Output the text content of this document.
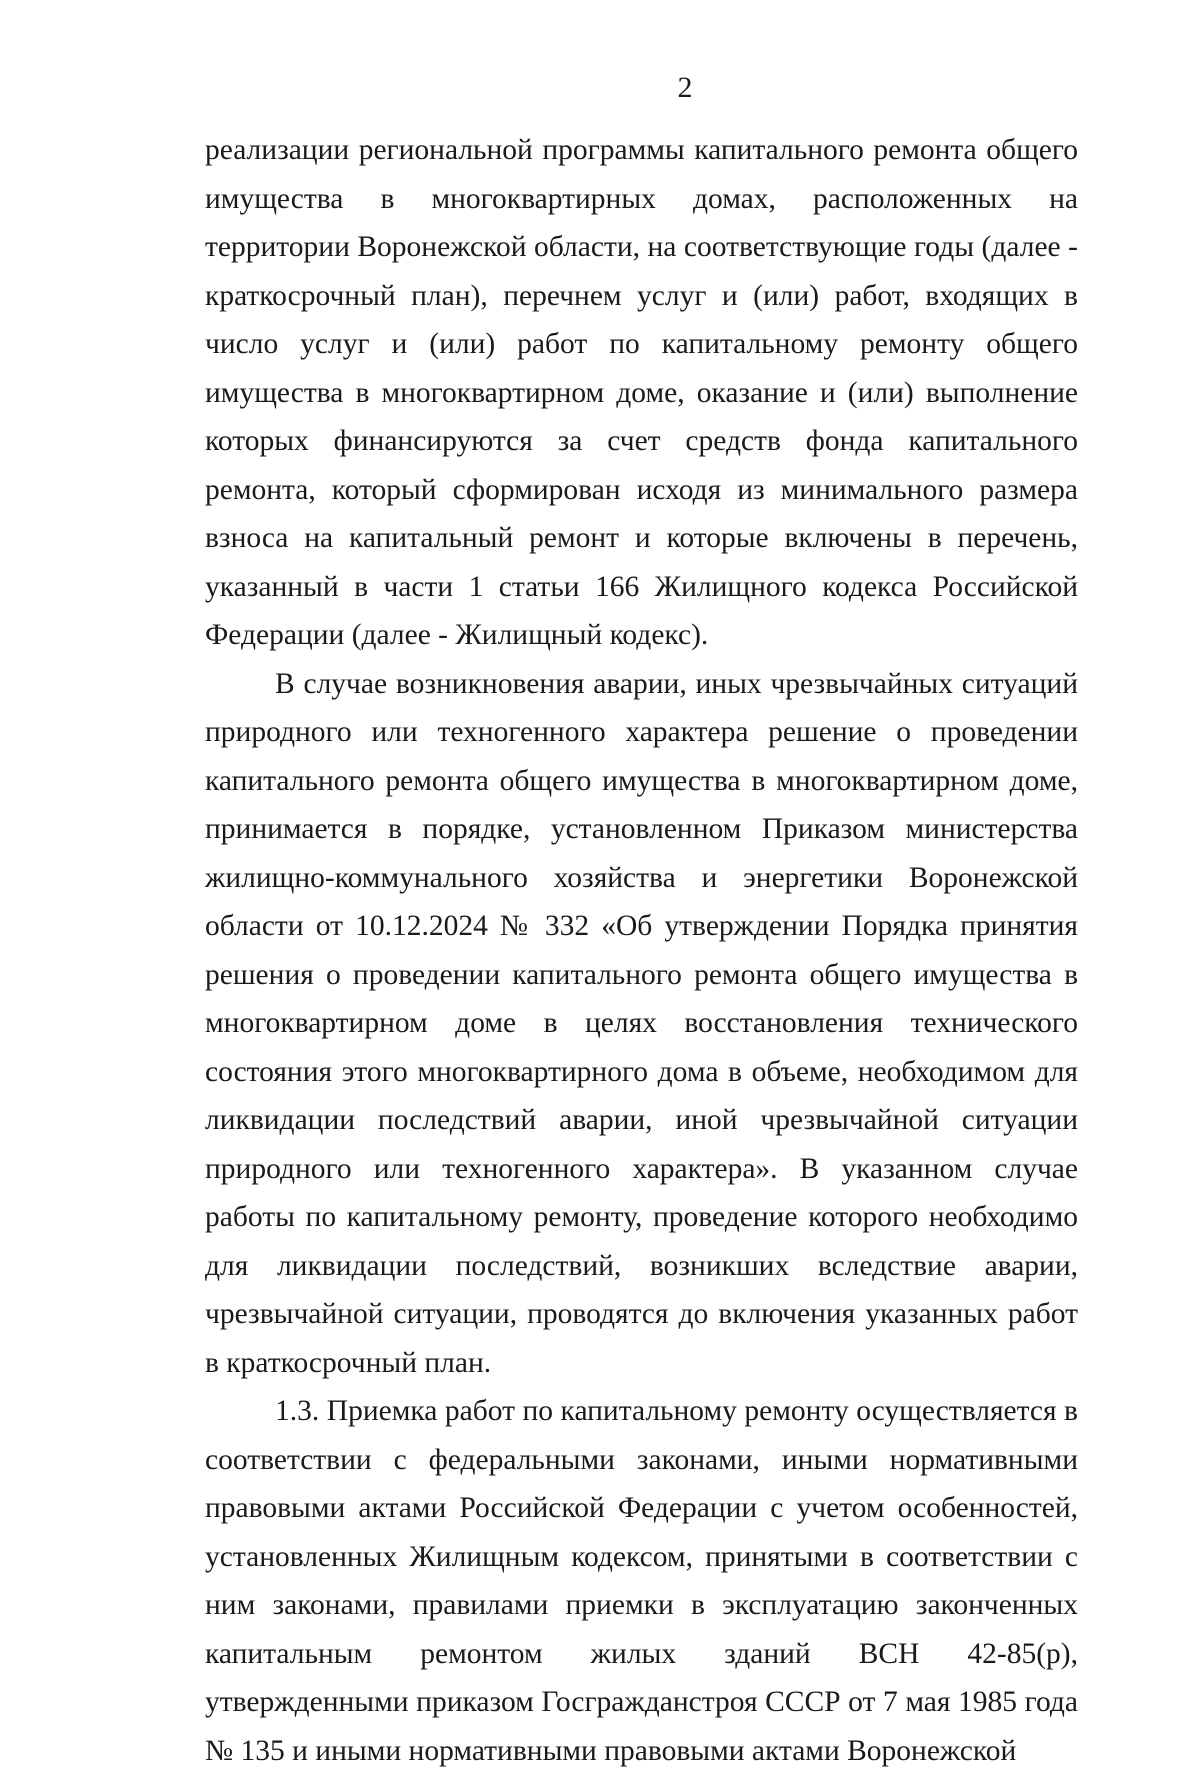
2

реализации региональной программы капитального ремонта общего имущества в многоквартирных домах, расположенных на территории Воронежской области, на соответствующие годы (далее - краткосрочный план), перечнем услуг и (или) работ, входящих в число услуг и (или) работ по капитальному ремонту общего имущества в многоквартирном доме, оказание и (или) выполнение которых финансируются за счет средств фонда капитального ремонта, который сформирован исходя из минимального размера взноса на капитальный ремонт и которые включены в перечень, указанный в части 1 статьи 166 Жилищного кодекса Российской Федерации (далее - Жилищный кодекс).

В случае возникновения аварии, иных чрезвычайных ситуаций природного или техногенного характера решение о проведении капитального ремонта общего имущества в многоквартирном доме, принимается в порядке, установленном Приказом министерства жилищно-коммунального хозяйства и энергетики Воронежской области от 10.12.2024 № 332 «Об утверждении Порядка принятия решения о проведении капитального ремонта общего имущества в многоквартирном доме в целях восстановления технического состояния этого многоквартирного дома в объеме, необходимом для ликвидации последствий аварии, иной чрезвычайной ситуации природного или техногенного характера». В указанном случае работы по капитальному ремонту, проведение которого необходимо для ликвидации последствий, возникших вследствие аварии, чрезвычайной ситуации, проводятся до включения указанных работ в краткосрочный план.

1.3. Приемка работ по капитальному ремонту осуществляется в соответствии с федеральными законами, иными нормативными правовыми актами Российской Федерации с учетом особенностей, установленных Жилищным кодексом, принятыми в соответствии с ним законами, правилами приемки в эксплуатацию законченных капитальным ремонтом жилых зданий ВСН 42-85(р), утвержденными приказом Госгражданстроя СССР от 7 мая 1985 года № 135 и иными нормативными правовыми актами Воронежской
